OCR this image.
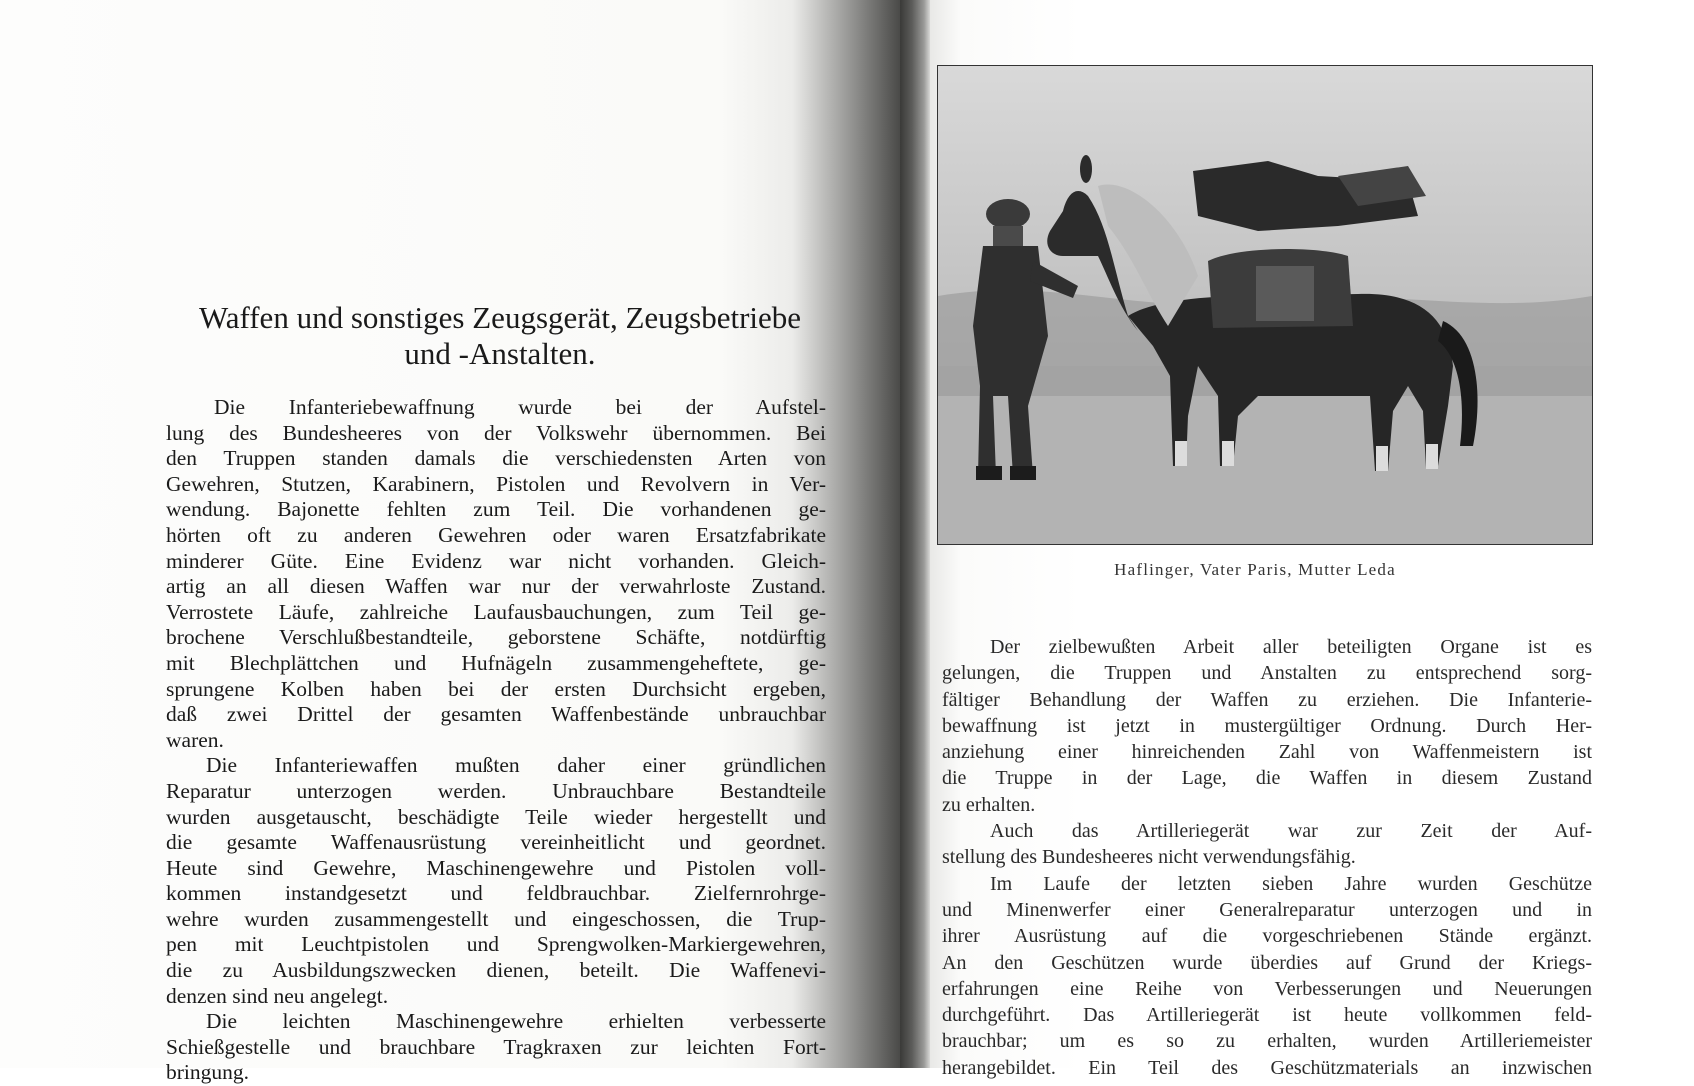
Waffen und sonstiges Zeugsgerät, Zeugsbetriebe
und -Anstalten.
Die Infanteriebewaffnung wurde bei der Aufstel-
lung des Bundesheeres von der Volkswehr übernommen. Bei
den Truppen standen damals die verschiedensten Arten von
Gewehren, Stutzen, Karabinern, Pistolen und Revolvern in Ver-
wendung. Bajonette fehlten zum Teil. Die vorhandenen ge-
hörten oft zu anderen Gewehren oder waren Ersatzfabrikate
minderer Güte. Eine Evidenz war nicht vorhanden. Gleich-
artig an all diesen Waffen war nur der verwahrloste Zustand.
Verrostete Läufe, zahlreiche Laufausbauchungen, zum Teil ge-
brochene Verschlußbestandteile, geborstene Schäfte, notdürftig
mit Blechplättchen und Hufnägeln zusammengeheftete, ge-
sprungene Kolben haben bei der ersten Durchsicht ergeben,
daß zwei Drittel der gesamten Waffenbestände unbrauchbar
waren.
Die Infanteriewaffen mußten daher einer gründlichen
Reparatur unterzogen werden. Unbrauchbare Bestandteile
wurden ausgetauscht, beschädigte Teile wieder hergestellt und
die gesamte Waffenausrüstung vereinheitlicht und geordnet.
Heute sind Gewehre, Maschinengewehre und Pistolen voll-
kommen instandgesetzt und feldbrauchbar. Zielfernrohrge-
wehre wurden zusammengestellt und eingeschossen, die Trup-
pen mit Leuchtpistolen und Sprengwolken-Markiergewehren,
die zu Ausbildungszwecken dienen, beteilt. Die Waffenevi-
denzen sind neu angelegt.
Die leichten Maschinengewehre erhielten verbesserte
Schießgestelle und brauchbare Tragkraxen zur leichten Fort-
bringung.
Haflinger, Vater Paris, Mutter Leda
Der zielbewußten Arbeit aller beteiligten Organe ist es
gelungen, die Truppen und Anstalten zu entsprechend sorg-
fältiger Behandlung der Waffen zu erziehen. Die Infanterie-
bewaffnung ist jetzt in mustergültiger Ordnung. Durch Her-
anziehung einer hinreichenden Zahl von Waffenmeistern ist
die Truppe in der Lage, die Waffen in diesem Zustand
zu erhalten.
Auch das Artilleriegerät war zur Zeit der Auf-
stellung des Bundesheeres nicht verwendungsfähig.
Im Laufe der letzten sieben Jahre wurden Geschütze
und Minenwerfer einer Generalreparatur unterzogen und in
ihrer Ausrüstung auf die vorgeschriebenen Stände ergänzt.
An den Geschützen wurde überdies auf Grund der Kriegs-
erfahrungen eine Reihe von Verbesserungen und Neuerungen
durchgeführt. Das Artilleriegerät ist heute vollkommen feld-
brauchbar; um es so zu erhalten, wurden Artilleriemeister
herangebildet. Ein Teil des Geschützmaterials an inzwischen
